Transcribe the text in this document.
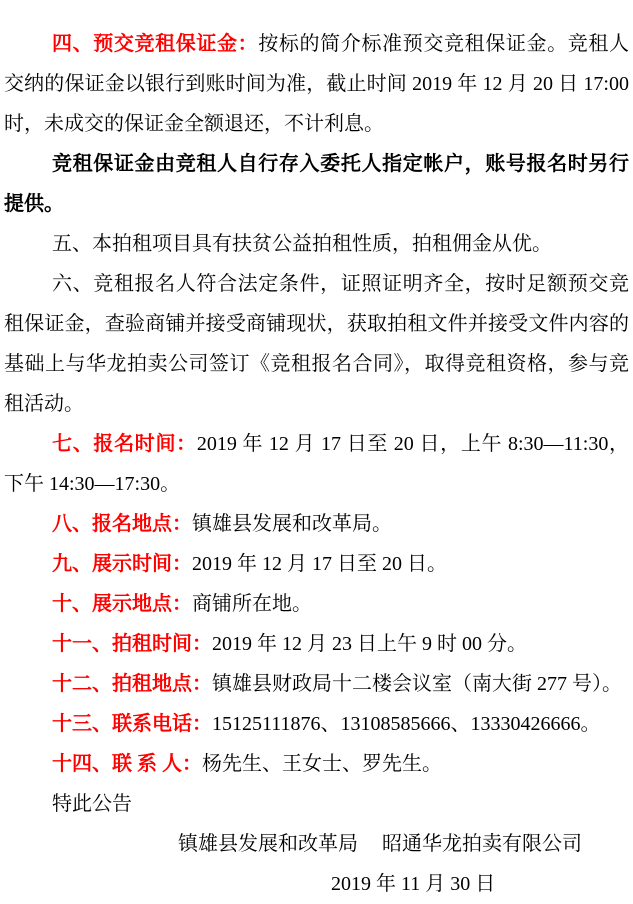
四、预交竞租保证金：按标的简介标准预交竞租保证金。竞租人交纳的保证金以银行到账时间为准，截止时间 2019 年 12 月 20 日 17:00 时，未成交的保证金全额退还，不计利息。

竞租保证金由竞租人自行存入委托人指定帐户，账号报名时另行提供。

五、本拍租项目具有扶贫公益拍租性质，拍租佣金从优。

六、竞租报名人符合法定条件，证照证明齐全，按时足额预交竞租保证金，查验商铺并接受商铺现状，获取拍租文件并接受文件内容的基础上与华龙拍卖公司签订《竞租报名合同》，取得竞租资格，参与竞租活动。

七、报名时间：2019 年 12 月 17 日至 20 日，上午 8:30—11:30，下午 14:30—17:30。

八、报名地点：镇雄县发展和改革局。

九、展示时间：2019 年 12 月 17 日至 20 日。

十、展示地点：商铺所在地。

十一、拍租时间：2019 年 12 月 23 日上午 9 时 00 分。

十二、拍租地点：镇雄县财政局十二楼会议室（南大街 277 号）。

十三、联系电话：15125111876、13108585666、13330426666。

十四、联 系 人：杨先生、王女士、罗先生。

特此公告

镇雄县发展和改革局 昭通华龙拍卖有限公司

2019 年 11 月 30 日
